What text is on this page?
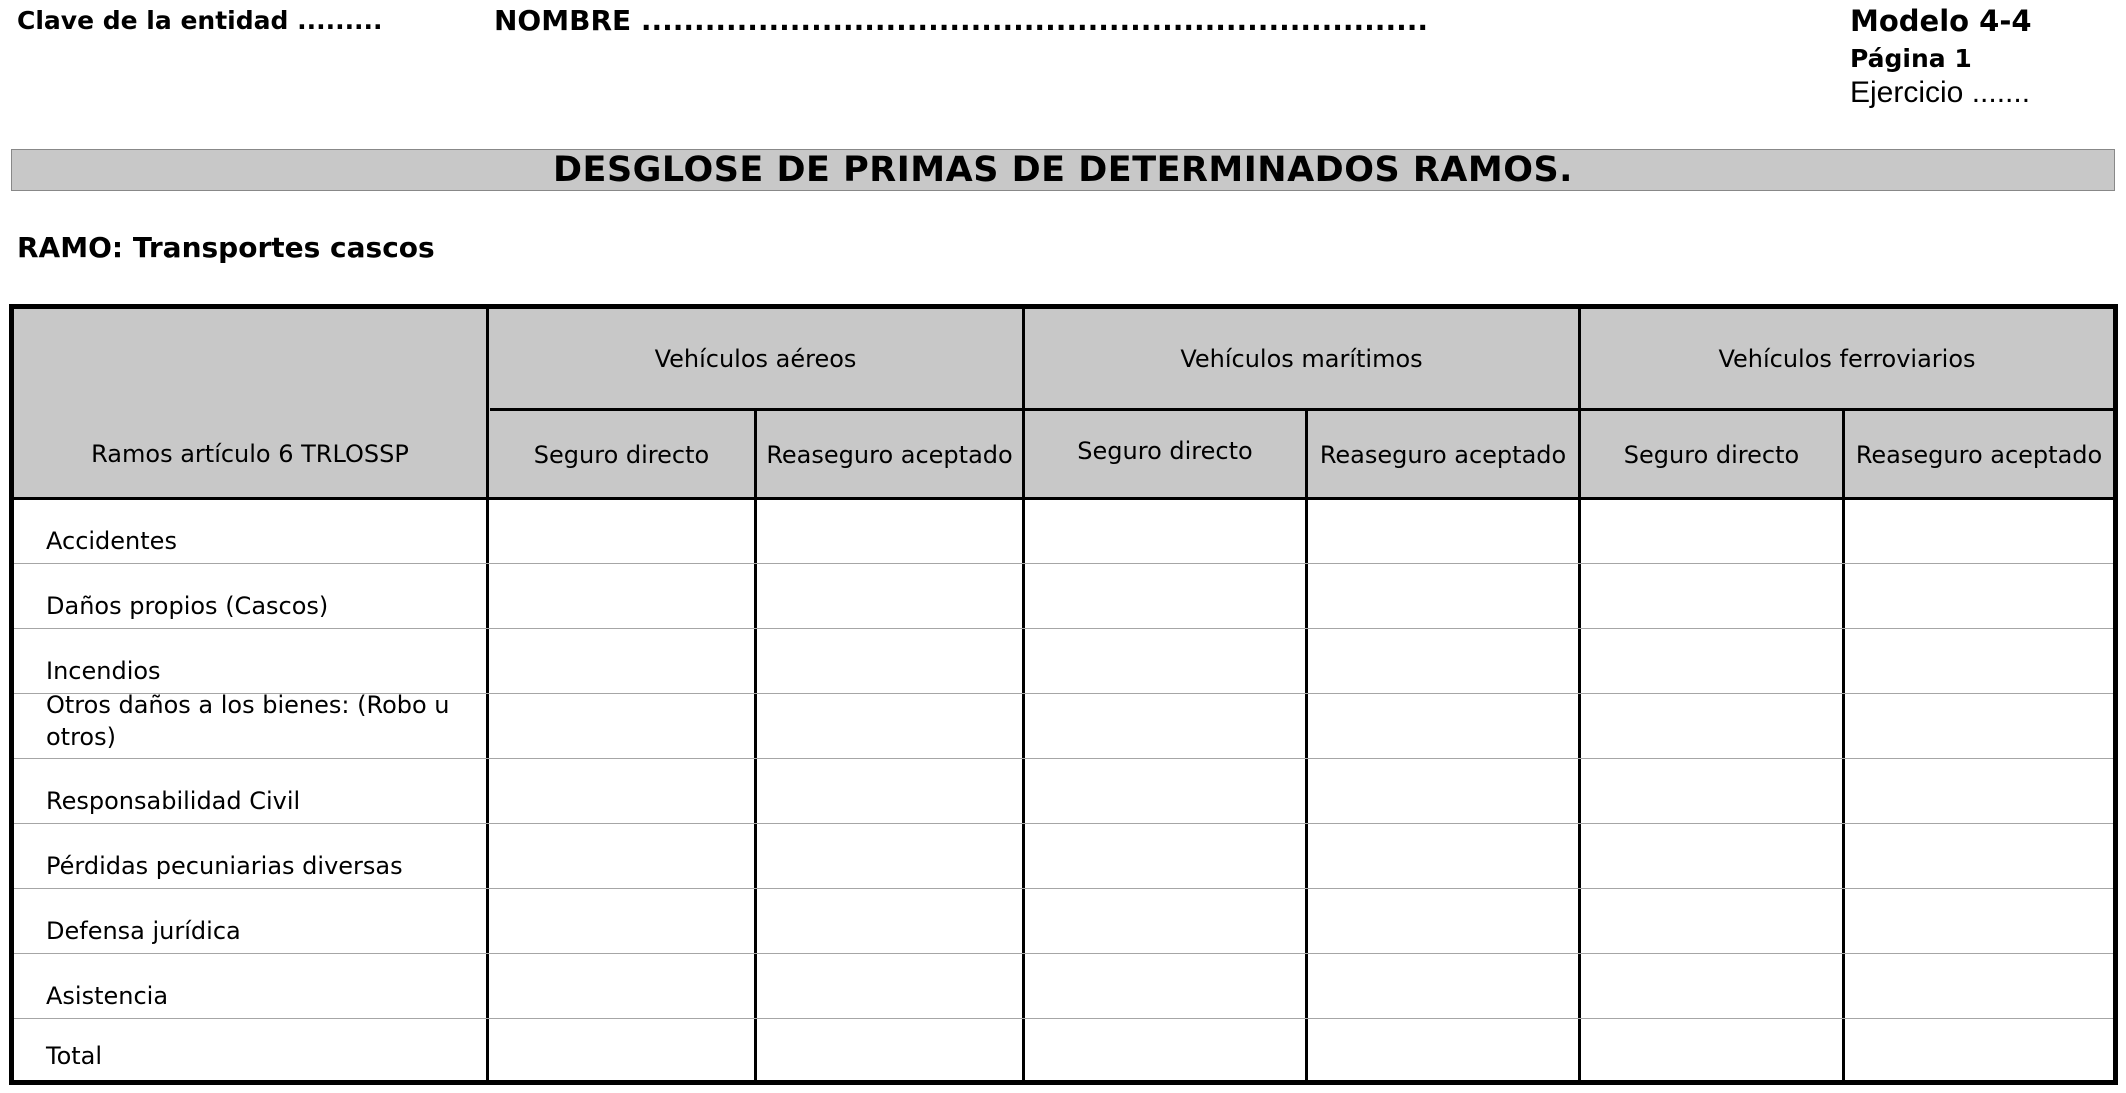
Clave de la entidad .........	NOMBRE ..........................................................................	Modelo 4-4
Página 1
Ejercicio .......
DESGLOSE DE PRIMAS DE DETERMINADOS RAMOS.
RAMO: Transportes cascos
Ramos artículo 6 TRLOSSP
Vehículos aéreos	Vehículos marítimos	Vehículos ferroviarios
Seguro directo	Reaseguro aceptado	Seguro directo	Reaseguro aceptado	Seguro directo	Reaseguro aceptado
Accidentes
Daños propios (Cascos)
Incendios
Otros daños a los bienes: (Robo u otros)
Responsabilidad Civil
Pérdidas pecuniarias diversas
Defensa jurídica
Asistencia
Total
